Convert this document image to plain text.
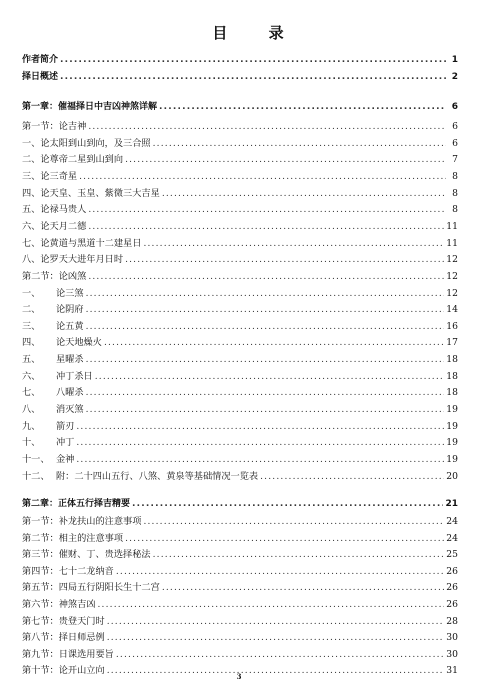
目 录
作者简介 .....	1
择日概述 .....	2
第一章：催福择日中吉凶神煞详解 .....	6
第一节：论吉神 .....	6
一、论太阳到山到向，及三合照 .....	6
二、论尊帝二星到山到向 .....	7
三、论三奇星 .....	8
四、论天皇、玉皇、紫微三大吉星 .....	8
五、论禄马贵人 .....	8
六、论天月二德 .....	11
七、论黄道与黑道十二建星日 .....	11
八、论罗天大进年月日时 .....	12
第二节：论凶煞 .....	12
一、 论三煞 .....	12
二、 论阴府 .....	14
三、 论五黄 .....	16
四、 论天地燥火 .....	17
五、 星曜杀 .....	18
六、 冲丁杀日 .....	18
七、 八曜杀 .....	18
八、 消灭煞 .....	19
九、 箭刃 .....	19
十、 冲丁 .....	19
十一、 金神 .....	19
十二、 附：二十四山五行、八煞、黄泉等基础情况一览表 .....	20
第二章：正体五行择吉精要 .....	21
第一节：补龙扶山的注意事项 .....	24
第二节：相主的注意事项 .....	24
第三节：催财、丁、贵选择秘法 .....	25
第四节：七十二龙纳音 .....	26
第五节：四局五行阴阳长生十二宫 .....	26
第六节：神煞吉凶 .....	26
第七节：贵登天门时 .....	28
第八节：择日师忌例 .....	30
第九节：日课选用要旨 .....	30
第十节：论开山立向 .....	31
3
